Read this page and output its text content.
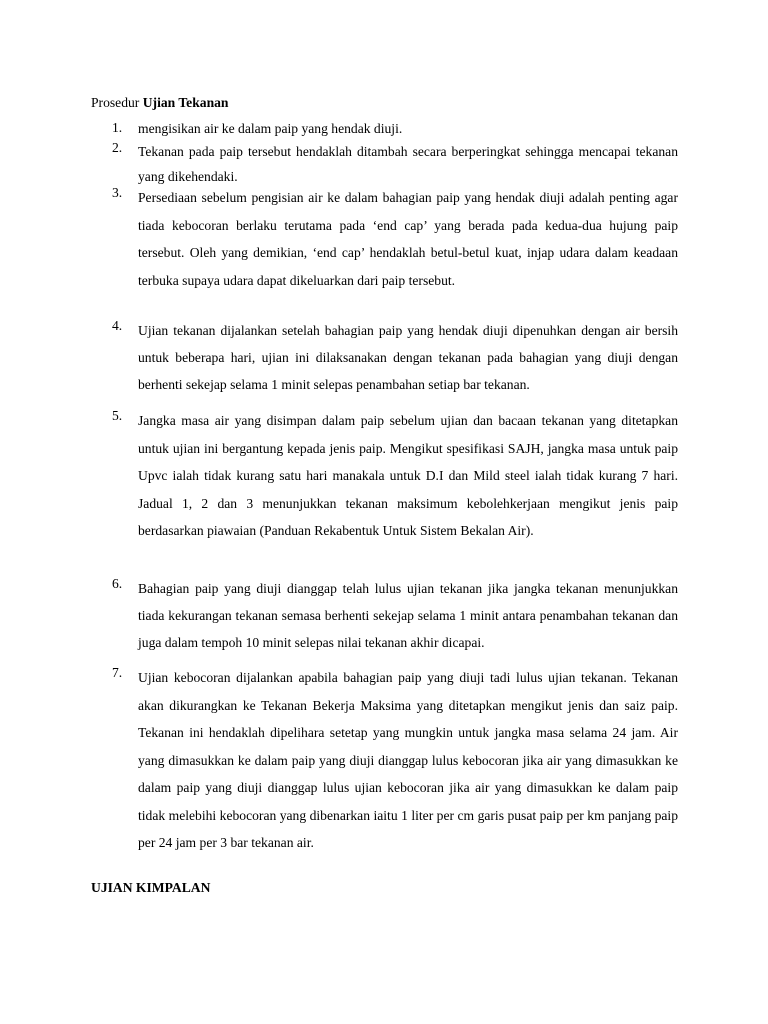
Prosedur Ujian Tekanan
1.	mengisikan air ke dalam paip yang hendak diuji.
2.	Tekanan pada paip tersebut hendaklah ditambah secara berperingkat sehingga mencapai tekanan yang dikehendaki.
3.	Persediaan sebelum pengisian air ke dalam bahagian paip yang hendak diuji adalah penting agar tiada kebocoran berlaku terutama pada ‘end cap’ yang berada pada kedua-dua hujung paip tersebut. Oleh yang demikian, ‘end cap’ hendaklah betul-betul kuat, injap udara dalam keadaan terbuka supaya udara dapat dikeluarkan dari paip tersebut.
4.	Ujian tekanan dijalankan setelah bahagian paip yang hendak diuji dipenuhkan dengan air bersih untuk beberapa hari, ujian ini dilaksanakan dengan tekanan pada bahagian yang diuji dengan berhenti sekejap selama 1 minit selepas penambahan setiap bar tekanan.
5.	Jangka masa air yang disimpan dalam paip sebelum ujian dan bacaan tekanan yang ditetapkan untuk ujian ini bergantung kepada jenis paip. Mengikut spesifikasi SAJH, jangka masa untuk paip Upvc ialah tidak kurang satu hari manakala untuk D.I dan Mild steel ialah tidak kurang 7 hari. Jadual 1, 2 dan 3 menunjukkan tekanan maksimum kebolehkerjaan mengikut jenis paip berdasarkan piawaian (Panduan Rekabentuk Untuk Sistem Bekalan Air).
6.	Bahagian paip yang diuji dianggap telah lulus ujian tekanan jika jangka tekanan menunjukkan tiada kekurangan tekanan semasa berhenti sekejap selama 1 minit antara penambahan tekanan dan juga dalam tempoh 10 minit selepas nilai tekanan akhir dicapai.
7.	Ujian kebocoran dijalankan apabila bahagian paip yang diuji tadi lulus ujian tekanan. Tekanan akan dikurangkan ke Tekanan Bekerja Maksima yang ditetapkan mengikut jenis dan saiz paip. Tekanan ini hendaklah dipelihara setetap yang mungkin untuk jangka masa selama 24 jam. Air yang dimasukkan ke dalam paip yang diuji dianggap lulus kebocoran jika air yang dimasukkan ke dalam paip yang diuji dianggap lulus ujian kebocoran jika air yang dimasukkan ke dalam paip tidak melebihi kebocoran yang dibenarkan iaitu 1 liter per cm garis pusat paip per km panjang paip per 24 jam per 3 bar tekanan air.
UJIAN KIMPALAN
